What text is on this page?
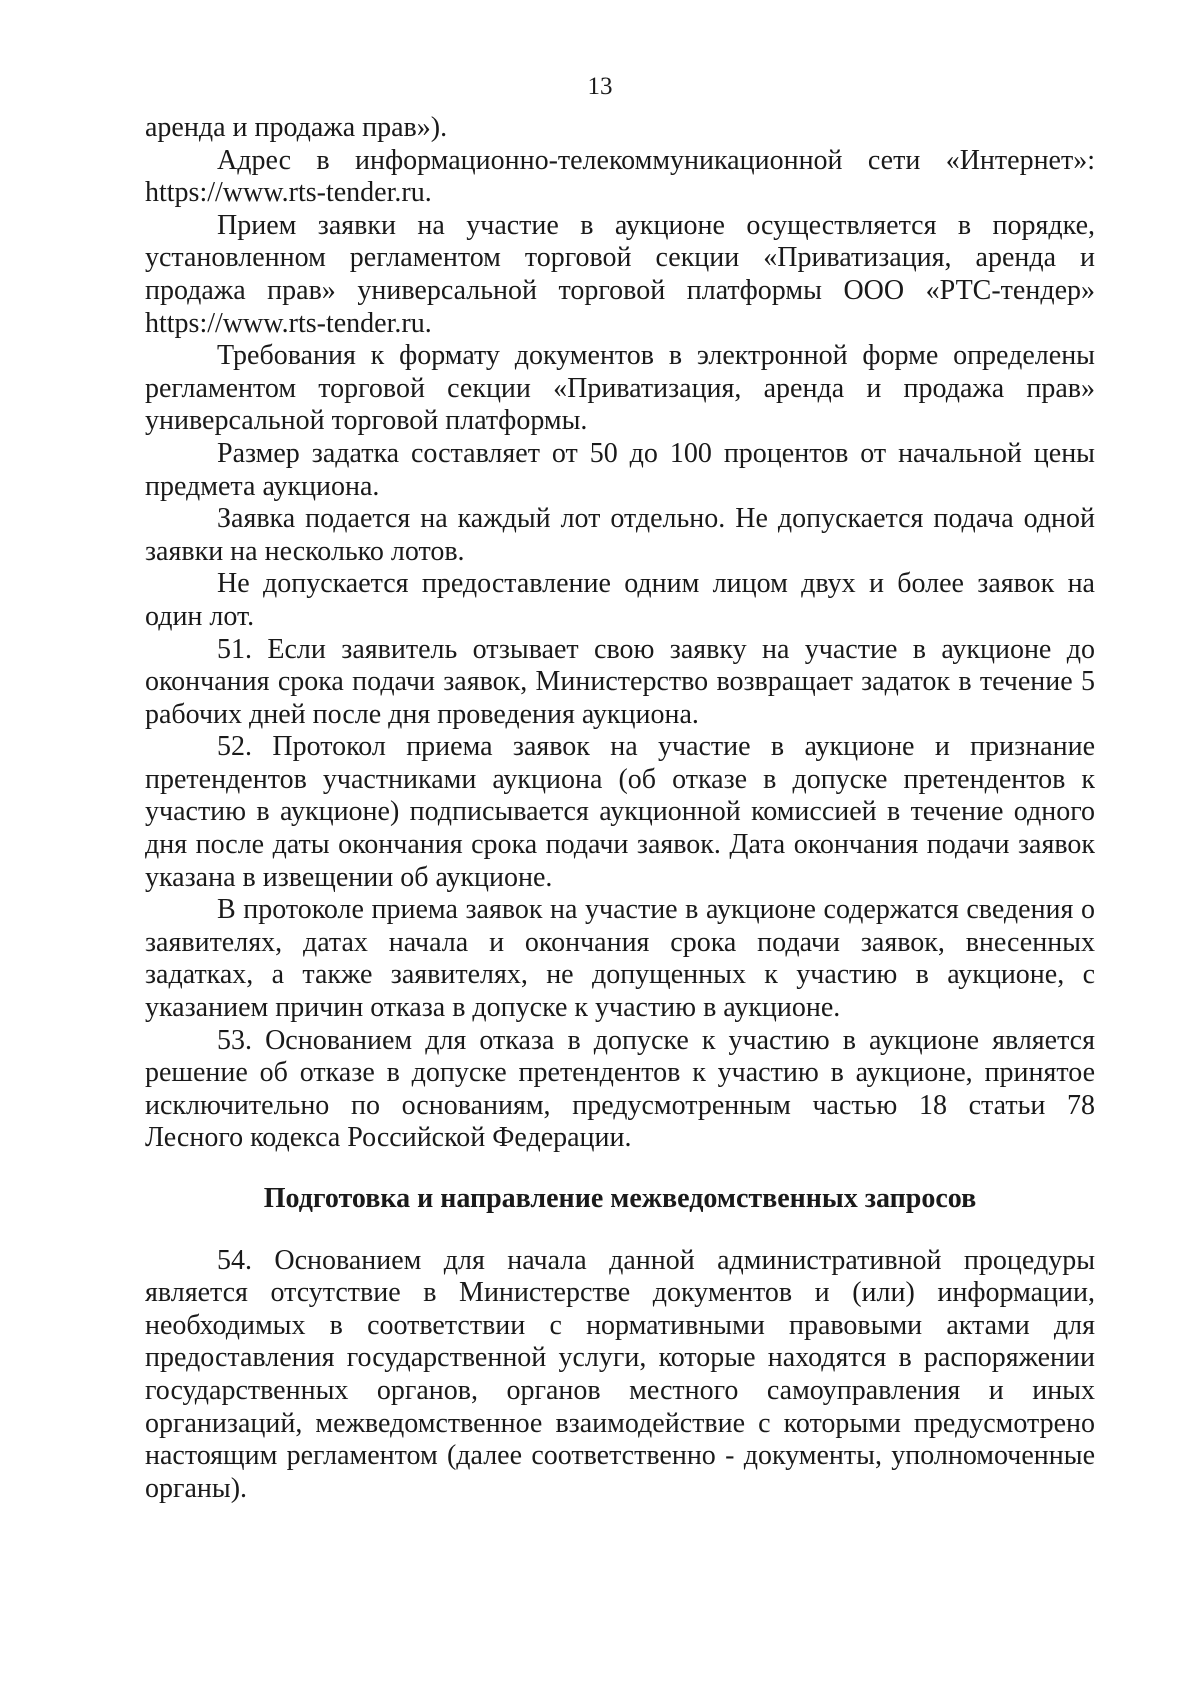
13

аренда и продажа прав»).

Адрес в информационно-телекоммуникационной сети «Интернет»: https://www.rts-tender.ru.

Прием заявки на участие в аукционе осуществляется в порядке, установленном регламентом торговой секции «Приватизация, аренда и продажа прав» универсальной торговой платформы ООО «РТС-тендер» https://www.rts-tender.ru.

Требования к формату документов в электронной форме определены регламентом торговой секции «Приватизация, аренда и продажа прав» универсальной торговой платформы.

Размер задатка составляет от 50 до 100 процентов от начальной цены предмета аукциона.

Заявка подается на каждый лот отдельно. Не допускается подача одной заявки на несколько лотов.

Не допускается предоставление одним лицом двух и более заявок на один лот.

51. Если заявитель отзывает свою заявку на участие в аукционе до окончания срока подачи заявок, Министерство возвращает задаток в течение 5 рабочих дней после дня проведения аукциона.

52. Протокол приема заявок на участие в аукционе и признание претендентов участниками аукциона (об отказе в допуске претендентов к участию в аукционе) подписывается аукционной комиссией в течение одного дня после даты окончания срока подачи заявок. Дата окончания подачи заявок указана в извещении об аукционе.

В протоколе приема заявок на участие в аукционе содержатся сведения о заявителях, датах начала и окончания срока подачи заявок, внесенных задатках, а также заявителях, не допущенных к участию в аукционе, с указанием причин отказа в допуске к участию в аукционе.

53. Основанием для отказа в допуске к участию в аукционе является решение об отказе в допуске претендентов к участию в аукционе, принятое исключительно по основаниям, предусмотренным частью 18 статьи 78 Лесного кодекса Российской Федерации.

Подготовка и направление межведомственных запросов

54. Основанием для начала данной административной процедуры является отсутствие в Министерстве документов и (или) информации, необходимых в соответствии с нормативными правовыми актами для предоставления государственной услуги, которые находятся в распоряжении государственных органов, органов местного самоуправления и иных организаций, межведомственное взаимодействие с которыми предусмотрено настоящим регламентом (далее соответственно - документы, уполномоченные органы).
